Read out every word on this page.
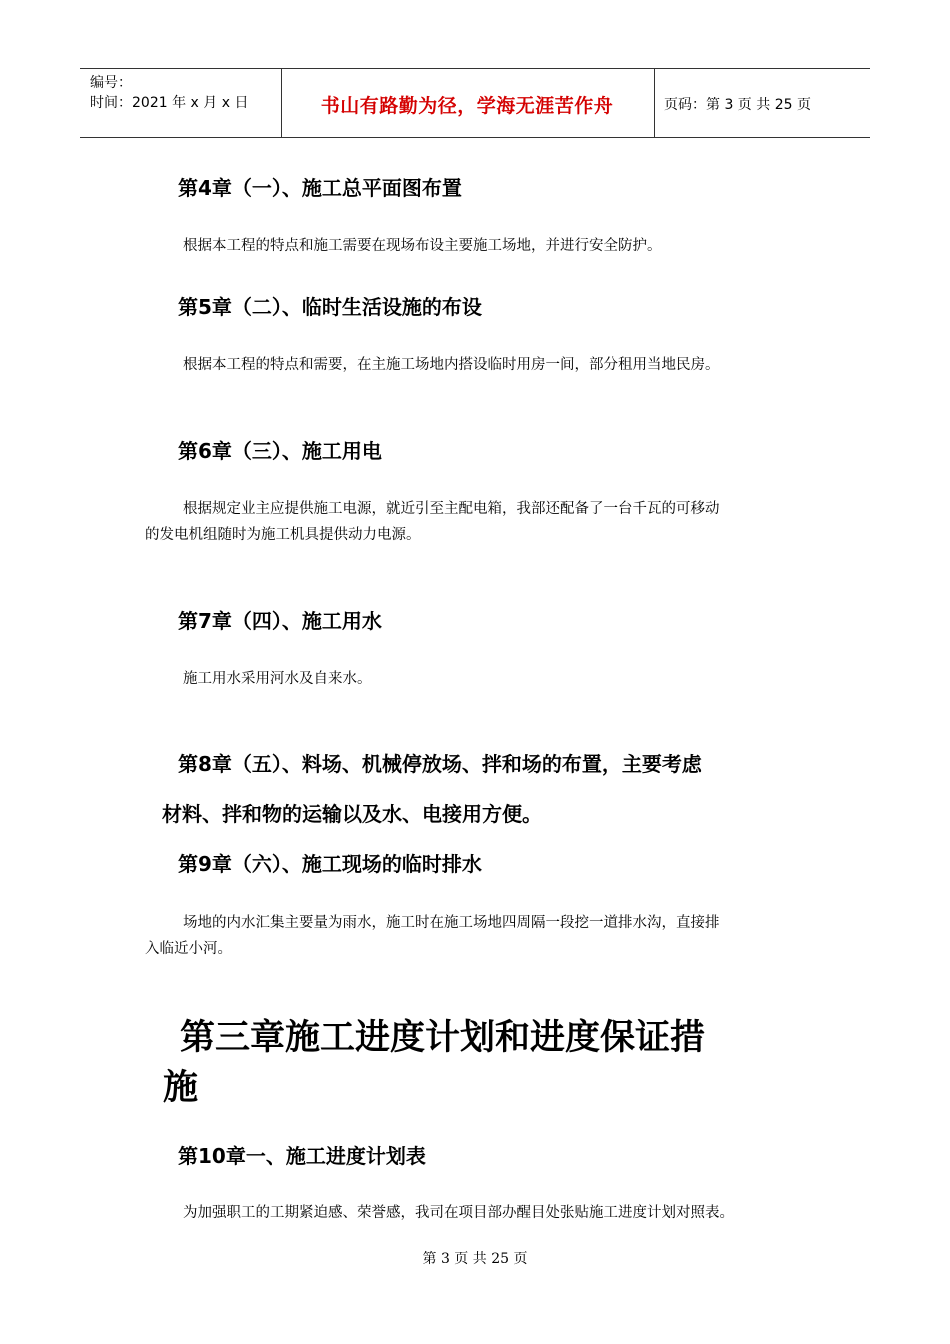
编号：
时间：2021 年 x 月 x 日	书山有路勤为径，学海无涯苦作舟	页码：第 3 页 共 25 页
第4章（一）、施工总平面图布置
根据本工程的特点和施工需要在现场布设主要施工场地，并进行安全防护。
第5章（二）、临时生活设施的布设
根据本工程的特点和需要，在主施工场地内搭设临时用房一间，部分租用当地民房。
第6章（三）、施工用电
根据规定业主应提供施工电源，就近引至主配电箱，我部还配备了一台千瓦的可移动
的发电机组随时为施工机具提供动力电源。
第7章（四）、施工用水
施工用水采用河水及自来水。
第8章（五）、料场、机械停放场、拌和场的布置，主要考虑
材料、拌和物的运输以及水、电接用方便。
第9章（六）、施工现场的临时排水
场地的内水汇集主要量为雨水，施工时在施工场地四周隔一段挖一道排水沟，直接排
入临近小河。
第三章施工进度计划和进度保证措
施
第10章一、施工进度计划表
为加强职工的工期紧迫感、荣誉感，我司在项目部办醒目处张贴施工进度计划对照表。
第 3 页 共 25 页
